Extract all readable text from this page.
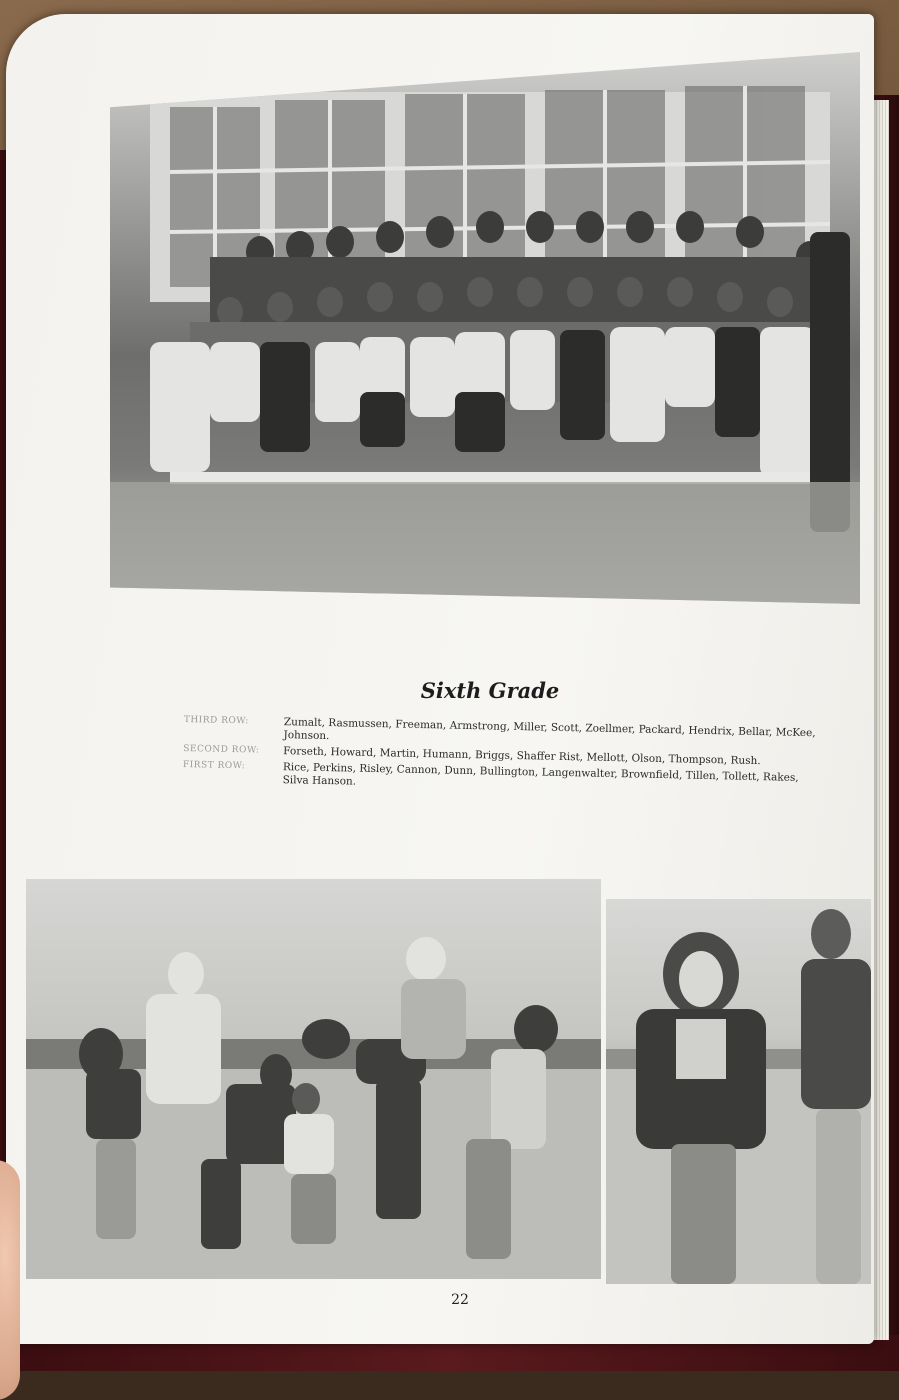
Sixth Grade
THIRD ROW:	Zumalt, Rasmussen, Freeman, Armstrong, Miller, Scott, Zoellmer, Packard, Hendrix, Bellar, McKee, Johnson.
SECOND ROW:	Forseth, Howard, Martin, Humann, Briggs, Shaffer Rist, Mellott, Olson, Thompson, Rush.
FIRST ROW:	Rice, Perkins, Risley, Cannon, Dunn, Bullington, Langenwalter, Brownfield, Tillen, Tollett, Rakes, Silva Hanson.
22
